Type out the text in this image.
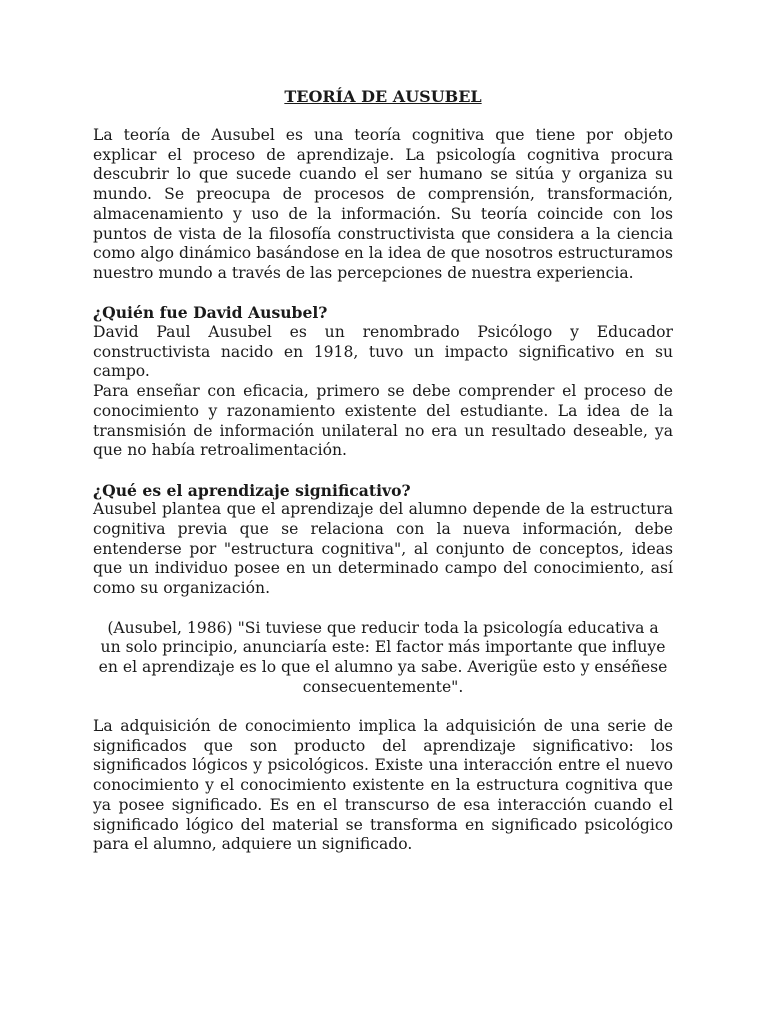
TEORÍA DE AUSUBEL

La teoría de Ausubel es una teoría cognitiva que tiene por objeto explicar el proceso de aprendizaje. La psicología cognitiva procura descubrir lo que sucede cuando el ser humano se sitúa y organiza su mundo. Se preocupa de procesos de comprensión, transformación, almacenamiento y uso de la información. Su teoría coincide con los puntos de vista de la filosofía constructivista que considera a la ciencia como algo dinámico basándose en la idea de que nosotros estructuramos nuestro mundo a través de las percepciones de nuestra experiencia.

¿Quién fue David Ausubel?

David Paul Ausubel es un renombrado Psicólogo y Educador constructivista nacido en 1918, tuvo un impacto significativo en su campo.

Para enseñar con eficacia, primero se debe comprender el proceso de conocimiento y razonamiento existente del estudiante. La idea de la transmisión de información unilateral no era un resultado deseable, ya que no había retroalimentación.

¿Qué es el aprendizaje significativo?

Ausubel plantea que el aprendizaje del alumno depende de la estructura cognitiva previa que se relaciona con la nueva información, debe entenderse por "estructura cognitiva", al conjunto de conceptos, ideas que un individuo posee en un determinado campo del conocimiento, así como su organización.

(Ausubel, 1986) "Si tuviese que reducir toda la psicología educativa a un solo principio, anunciaría este: El factor más importante que influye en el aprendizaje es lo que el alumno ya sabe. Averigüe esto y enséñese consecuentemente".

La adquisición de conocimiento implica la adquisición de una serie de significados que son producto del aprendizaje significativo: los significados lógicos y psicológicos. Existe una interacción entre el nuevo conocimiento y el conocimiento existente en la estructura cognitiva que ya posee significado. Es en el transcurso de esa interacción cuando el significado lógico del material se transforma en significado psicológico para el alumno, adquiere un significado.
